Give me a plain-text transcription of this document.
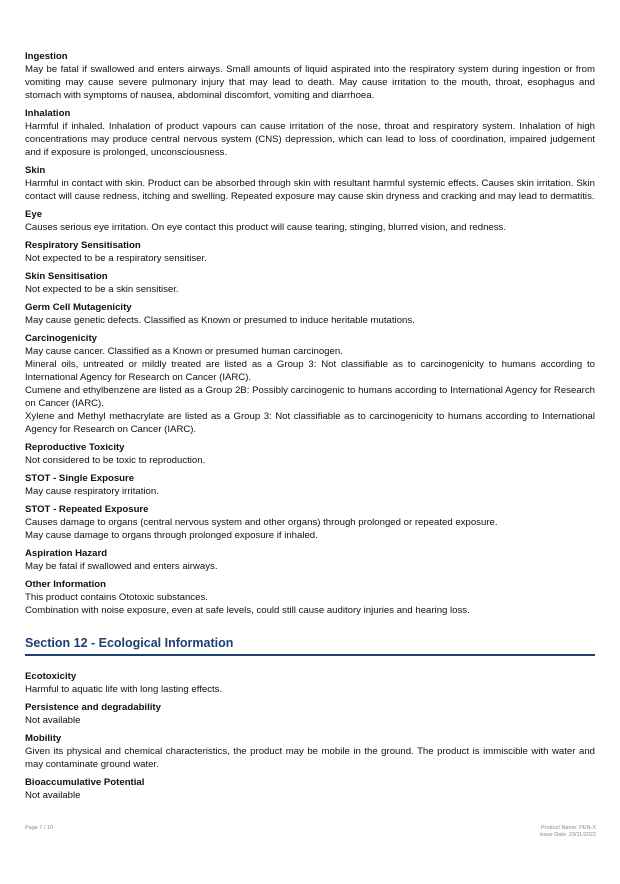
Ingestion
May be fatal if swallowed and enters airways. Small amounts of liquid aspirated into the respiratory system during ingestion or from vomiting may cause severe pulmonary injury that may lead to death. May cause irritation to the mouth, throat, esophagus and stomach with symptoms of nausea, abdominal discomfort, vomiting and diarrhoea.
Inhalation
Harmful if inhaled. Inhalation of product vapours can cause irritation of the nose, throat and respiratory system. Inhalation of high concentrations may produce central nervous system (CNS) depression, which can lead to loss of coordination, impaired judgement and if exposure is prolonged, unconsciousness.
Skin
Harmful in contact with skin. Product can be absorbed through skin with resultant harmful systemic effects. Causes skin irritation. Skin contact will cause redness, itching and swelling. Repeated exposure may cause skin dryness and cracking and may lead to dermatitis.
Eye
Causes serious eye irritation. On eye contact this product will cause tearing, stinging, blurred vision, and redness.
Respiratory Sensitisation
Not expected to be a respiratory sensitiser.
Skin Sensitisation
Not expected to be a skin sensitiser.
Germ Cell Mutagenicity
May cause genetic defects. Classified as Known or presumed to induce heritable mutations.
Carcinogenicity
May cause cancer. Classified as a Known or presumed human carcinogen.
Mineral oils, untreated or mildly treated are listed as a Group 3: Not classifiable as to carcinogenicity to humans according to International Agency for Research on Cancer (IARC).
Cumene and ethylbenzene are listed as a Group 2B: Possibly carcinogenic to humans according to International Agency for Research on Cancer (IARC).
Xylene and Methyl methacrylate are listed as a Group 3: Not classifiable as to carcinogenicity to humans according to International Agency for Research on Cancer (IARC).
Reproductive Toxicity
Not considered to be toxic to reproduction.
STOT - Single Exposure
May cause respiratory irritation.
STOT - Repeated Exposure
Causes damage to organs (central nervous system and other organs) through prolonged or repeated exposure.
May cause damage to organs through prolonged exposure if inhaled.
Aspiration Hazard
May be fatal if swallowed and enters airways.
Other Information
This product contains Ototoxic substances.
Combination with noise exposure, even at safe levels, could still cause auditory injuries and hearing loss.
Section 12 - Ecological Information
Ecotoxicity
Harmful to aquatic life with long lasting effects.
Persistence and degradability
Not available
Mobility
Given its physical and chemical characteristics, the product may be mobile in the ground. The product is immiscible with water and may contaminate ground water.
Bioaccumulative Potential
Not available
Page 7 / 10	Product Name: PEN-X
Issue Date: 23/11/2022
